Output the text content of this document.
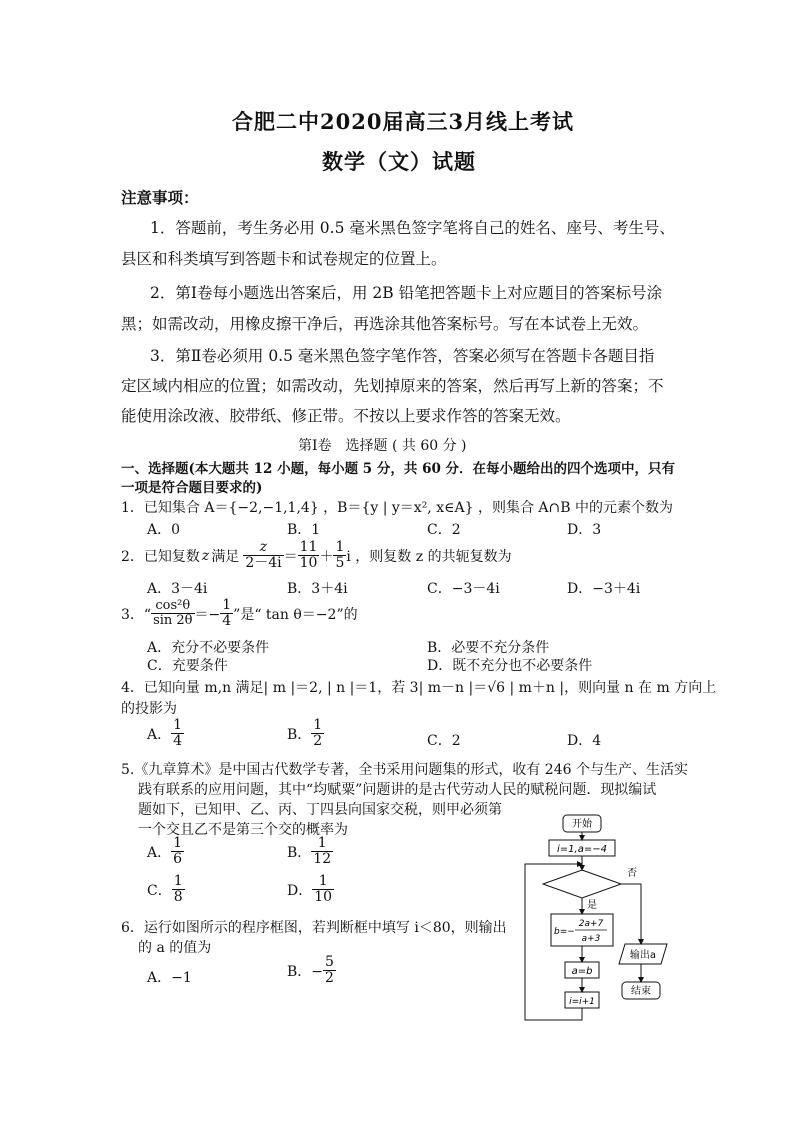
合肥二中2020届高三3月线上考试
数学（文）试题
注意事项：
1．答题前，考生务必用 0.5 毫米黑色签字笔将自己的姓名、座号、考生号、
县区和科类填写到答题卡和试卷规定的位置上。
2．第Ⅰ卷每小题选出答案后，用 2B 铅笔把答题卡上对应题目的答案标号涂
黑；如需改动，用橡皮擦干净后，再选涂其他答案标号。写在本试卷上无效。
3．第Ⅱ卷必须用 0.5 毫米黑色签字笔作答，答案必须写在答题卡各题目指
定区域内相应的位置；如需改动，先划掉原来的答案，然后再写上新的答案；不
能使用涂改液、胶带纸、修正带。不按以上要求作答的答案无效。
第Ⅰ卷　选择题 ( 共 60 分 )
一、选择题(本大题共 12 小题，每小题 5 分，共 60 分．在每小题给出的四个选项中，只有
一项是符合题目要求的)
1．已知集合 A＝{−2,−1,1,4} ，B＝{y | y＝x², x∈A} ，则集合 A∩B 中的元素个数为
A．0	B．1	C．2	D．3
2．已知复数 z 满足 $\frac{z}{2-4i} = \frac{11}{10} + \frac{1}{5}$ i ，则复数 z 的共轭复数为
A．3－4i	B．3＋4i	C．−3－4i	D．−3＋4i
3．“ $\frac{\text{cos²θ}}{\sin 2\theta} =- \frac{1}{4}$ ”是“ tan θ＝−2”的
A．充分不必要条件	B．必要不充分条件
C．充要条件	D．既不充分也不必要条件
4．已知向量 m,n 满足| m |＝2, | n |＝1，若 3| m－n |＝√6 | m＋n |，则向量 n 在 m 方向上
的投影为
A． $\frac{1}{4}$	B． $\frac{1}{2}$	C．2	D．4
5.《九章算术》是中国古代数学专著，全书采用问题集的形式，收有 246 个与生产、生活实
践有联系的应用问题，其中“均赋粟”问题讲的是古代劳动人民的赋税问题．现拟编试
题如下，已知甲、乙、丙、丁四县向国家交税，则甲必须第
一个交且乙不是第三个交的概率为
A． $\frac{1}{6}$	B． $\frac{1}{12}$
C． $\frac{1}{8}$	D． $\frac{1}{10}$
6．运行如图所示的程序框图，若判断框中填写 i＜80，则输出
的 a 的值为
A．−1	B．− $\frac{5}{2}$
开始
i=1,a=−4
否
是
b=−
2a+7
a+3
a=b
i=i+1
输出a
结束
